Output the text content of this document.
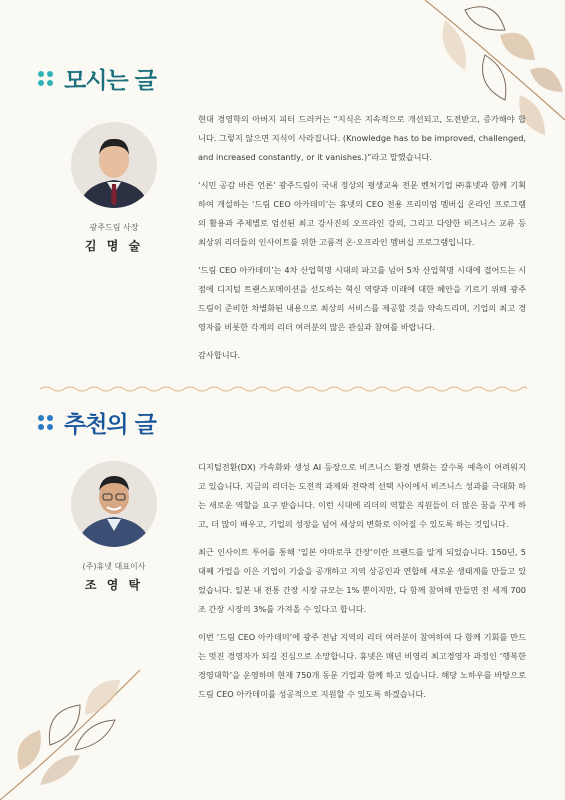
모시는 글
광주드림 사장
김 명 술

현대 경영학의 아버지 피터 드러커는 “지식은 지속적으로 개선되고, 도전받고, 증가해야 합니다. 그렇지 않으면 지식이 사라집니다. (Knowledge has to be improved, challenged, and increased constantly, or it vanishes.)”라고 말했습니다.

‘시민 공감 바른 언론’ 광주드림이 국내 정상의 평생교육 전문 벤처기업 ㈜휴넷과 함께 기획하여 개설하는 ‘드림 CEO 아카데미’는 휴넷의 CEO 전용 프리미엄 멤버십 온라인 프로그램의 활용과 주제별로 엄선된 최고 강사진의 오프라인 강의, 그리고 다양한 비즈니스 교류 등 최상위 리더들의 인사이트를 위한 고품격 온·오프라인 멤버십 프로그램입니다.

‘드림 CEO 아카데미’는 4차 산업혁명 시대의 파고를 넘어 5차 산업혁명 시대에 접어드는 시점에 디지털 트랜스포메이션을 선도하는 혁신 역량과 미래에 대한 혜안을 기르기 위해 광주드림이 준비한 차별화된 내용으로 최상의 서비스를 제공할 것을 약속드리며, 기업의 최고 경영자를 비롯한 각계의 리더 여러분의 많은 관심과 참여를 바랍니다.

감사합니다.

추천의 글
(주)휴넷 대표이사
조 영 탁

디지털전환(DX) 가속화와 생성 AI 등장으로 비즈니스 환경 변화는 갈수록 예측이 어려워지고 있습니다. 지금의 리더는 도전적 과제와 전략적 선택 사이에서 비즈니스 성과를 극대화 하는 새로운 역할을 요구 받습니다. 이런 시대에 리더의 역할은 직원들이 더 많은 꿈을 꾸게 하고, 더 많이 배우고, 기업의 성장을 넘어 세상의 변화로 이어질 수 있도록 하는 것입니다.

최근 인사이트 투어를 통해 ‘일본 야마로쿠 간장’이란 브랜드를 알게 되었습니다. 150년, 5대째 가업을 이은 기업이 기술을 공개하고 지역 상공인과 연합해 새로운 생태계를 만들고 있었습니다. 일본 내 전통 간장 시장 규모는 1% 뿐이지만, 다 함께 참여해 만들면 전 세계 700조 간장 시장의 3%를 가져올 수 있다고 합니다.

이번 ‘드림 CEO 아카데미’에 광주 전남 지역의 리더 여러분이 참여하여 다 함께 기회를 만드는 멋진 경영자가 되길 진심으로 소망합니다. 휴넷은 매년 비영리 최고경영자 과정인 ‘행복한 경영대학’을 운영하며 현재 750개 동문 기업과 함께 하고 있습니다. 해당 노하우를 바탕으로 드림 CEO 아카데미를 성공적으로 지원할 수 있도록 하겠습니다.
